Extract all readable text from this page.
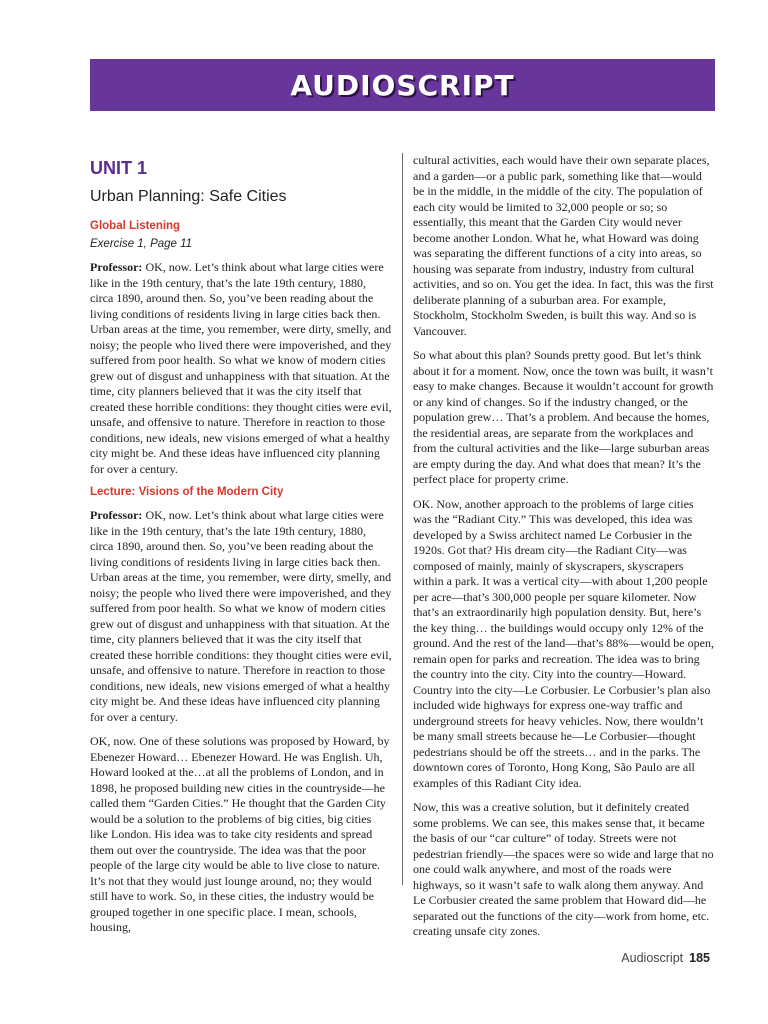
AUDIOSCRIPT
UNIT 1
Urban Planning: Safe Cities
Global Listening
Exercise 1, Page 11

Professor: OK, now. Let’s think about what large cities were like in the 19th century, that’s the late 19th century, 1880, circa 1890, around then. So, you’ve been reading about the living conditions of residents living in large cities back then. Urban areas at the time, you remember, were dirty, smelly, and noisy; the people who lived there were impoverished, and they suffered from poor health. So what we know of modern cities grew out of disgust and unhappiness with that situation. At the time, city planners believed that it was the city itself that created these horrible conditions: they thought cities were evil, unsafe, and offensive to nature. Therefore in reaction to those conditions, new ideals, new visions emerged of what a healthy city might be. And these ideas have influenced city planning for over a century.

Lecture: Visions of the Modern City

Professor: OK, now. Let’s think about what large cities were like in the 19th century, that’s the late 19th century, 1880, circa 1890, around then. So, you’ve been reading about the living conditions of residents living in large cities back then. Urban areas at the time, you remember, were dirty, smelly, and noisy; the people who lived there were impoverished, and they suffered from poor health. So what we know of modern cities grew out of disgust and unhappiness with that situation. At the time, city planners believed that it was the city itself that created these horrible conditions: they thought cities were evil, unsafe, and offensive to nature. Therefore in reaction to those conditions, new ideals, new visions emerged of what a healthy city might be. And these ideas have influenced city planning for over a century.

OK, now. One of these solutions was proposed by Howard, by Ebenezer Howard… Ebenezer Howard. He was English. Uh, Howard looked at the…at all the problems of London, and in 1898, he proposed building new cities in the countryside—he called them “Garden Cities.” He thought that the Garden City would be a solution to the problems of big cities, big cities like London. His idea was to take city residents and spread them out over the countryside. The idea was that the poor people of the large city would be able to live close to nature. It’s not that they would just lounge around, no; they would still have to work. So, in these cities, the industry would be grouped together in one specific place. I mean, schools, housing,

cultural activities, each would have their own separate places, and a garden—or a public park, something like that—would be in the middle, in the middle of the city. The population of each city would be limited to 32,000 people or so; so essentially, this meant that the Garden City would never become another London. What he, what Howard was doing was separating the different functions of a city into areas, so housing was separate from industry, industry from cultural activities, and so on. You get the idea. In fact, this was the first deliberate planning of a suburban area. For example, Stockholm, Stockholm Sweden, is built this way. And so is Vancouver.

So what about this plan? Sounds pretty good. But let’s think about it for a moment. Now, once the town was built, it wasn’t easy to make changes. Because it wouldn’t account for growth or any kind of changes. So if the industry changed, or the population grew… That’s a problem. And because the homes, the residential areas, are separate from the workplaces and from the cultural activities and the like—large suburban areas are empty during the day. And what does that mean? It’s the perfect place for property crime.

OK. Now, another approach to the problems of large cities was the “Radiant City.” This was developed, this idea was developed by a Swiss architect named Le Corbusier in the 1920s. Got that? His dream city—the Radiant City—was composed of mainly, mainly of skyscrapers, skyscrapers within a park. It was a vertical city—with about 1,200 people per acre—that’s 300,000 people per square kilometer. Now that’s an extraordinarily high population density. But, here’s the key thing… the buildings would occupy only 12% of the ground. And the rest of the land—that’s 88%—would be open, remain open for parks and recreation. The idea was to bring the country into the city. City into the country—Howard. Country into the city—Le Corbusier. Le Corbusier’s plan also included wide highways for express one-way traffic and underground streets for heavy vehicles. Now, there wouldn’t be many small streets because he—Le Corbusier—thought pedestrians should be off the streets… and in the parks. The downtown cores of Toronto, Hong Kong, São Paulo are all examples of this Radiant City idea.

Now, this was a creative solution, but it definitely created some problems. We can see, this makes sense that, it became the basis of our “car culture” of today. Streets were not pedestrian friendly—the spaces were so wide and large that no one could walk anywhere, and most of the roads were highways, so it wasn’t safe to walk along them anyway. And Le Corbusier created the same problem that Howard did—he separated out the functions of the city—work from home, etc. creating unsafe city zones.

Audioscript 185
